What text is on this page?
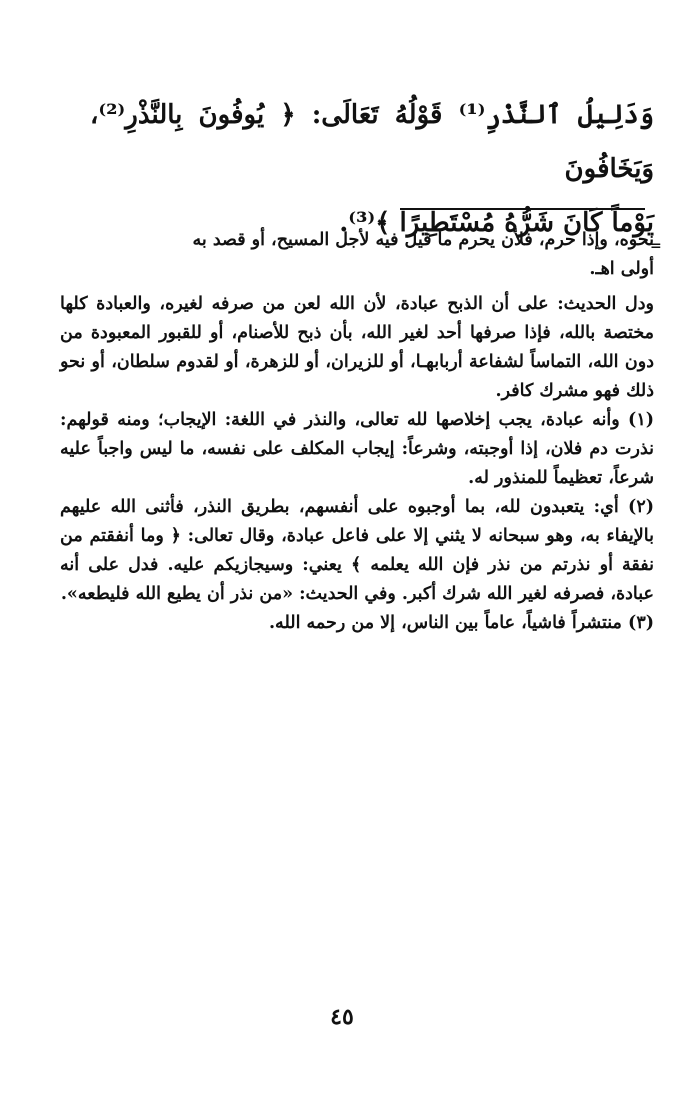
وَدَلِيلُ ٱلنَّذْرِ⁽¹⁾ قَوْلُهُ تَعَالَى: ﴿ يُوفُونَ بِالنَّذْرِ⁽²⁾، وَيَخَافُونَ
يَوْماً كَانَ شَرُّهُ مُسْتَطِيرًا ﴾⁽³⁾.
=

نحوه، وإذا حرم، فلأن يحرم ما قيل فيه لأجل المسيح، أو قصد به
أولى اهـ.

ودل الحديث: على أن الذبح عبادة، لأن الله لعن من صرفه لغيره، والعبادة كلها مختصة بالله، فإذا صرفها أحد لغير الله، بأن ذبح للأصنام، أو للقبور المعبودة من دون الله، التماساً لشفاعة أربابهـا، أو للزيران، أو للزهرة، أو لقدوم سلطان، أو نحو ذلك فهو مشرك كافر.

(١) وأنه عبادة، يجب إخلاصها لله تعالى، والنذر في اللغة: الإيجاب؛ ومنه قولهم: نذرت دم فلان، إذا أوجبته، وشرعاً: إيجاب المكلف على نفسه، ما ليس واجباً عليه شرعاً، تعظيماً للمنذور له.

(٢) أي: يتعبدون لله، بما أوجبوه على أنفسهم، بطريق النذر، فأثنى الله عليهم بالإيفاء به، وهو سبحانه لا يثني إلا على فاعل عبادة، وقال تعالى: ﴿ وما أنفقتم من نفقة أو نذرتم من نذر فإن الله يعلمه ﴾ يعني: وسيجازيكم عليه. فدل على أنه عبادة، فصرفه لغير الله شرك أكبر. وفي الحديث: «من نذر أن يطيع الله فليطعه».

(٣) منتشراً فاشياً، عاماً بين الناس، إلا من رحمه الله.

٤٥
